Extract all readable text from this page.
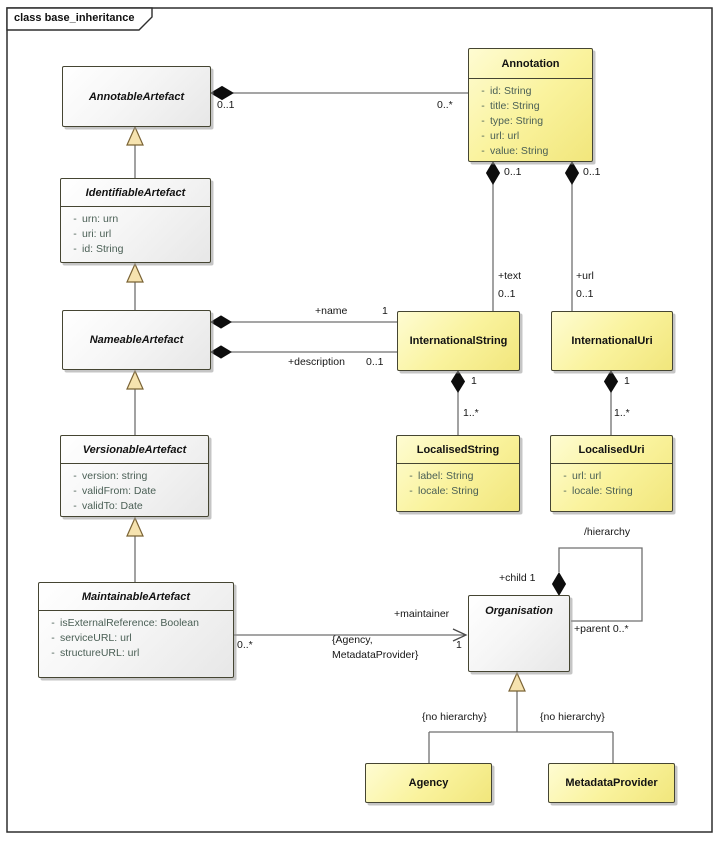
class base_inheritance
AnnotableArtefact
Annotation
- id: String
- title: String
- type: String
- url: url
- value: String
IdentifiableArtefact
- urn: urn
- uri: url
- id: String
NameableArtefact
VersionableArtefact
- version: string
- validFrom: Date
- validTo: Date
MaintainableArtefact
- isExternalReference: Boolean
- serviceURL: url
- structureURL: url
InternationalString	InternationalUri
LocalisedString
- label: String
- locale: String
LocalisedUri
- url: url
- locale: String
Organisation
Agency	MetadataProvider
0..1	0..*
0..1	0..1
+text
0..1
+url
0..1
+name	1
+description 0..1
1
1..*
1
1..*
+maintainer
1
0..*	{Agency,
MetadataProvider}
/hierarchy
+child 1
+parent 0..*
{no hierarchy}	{no hierarchy}
